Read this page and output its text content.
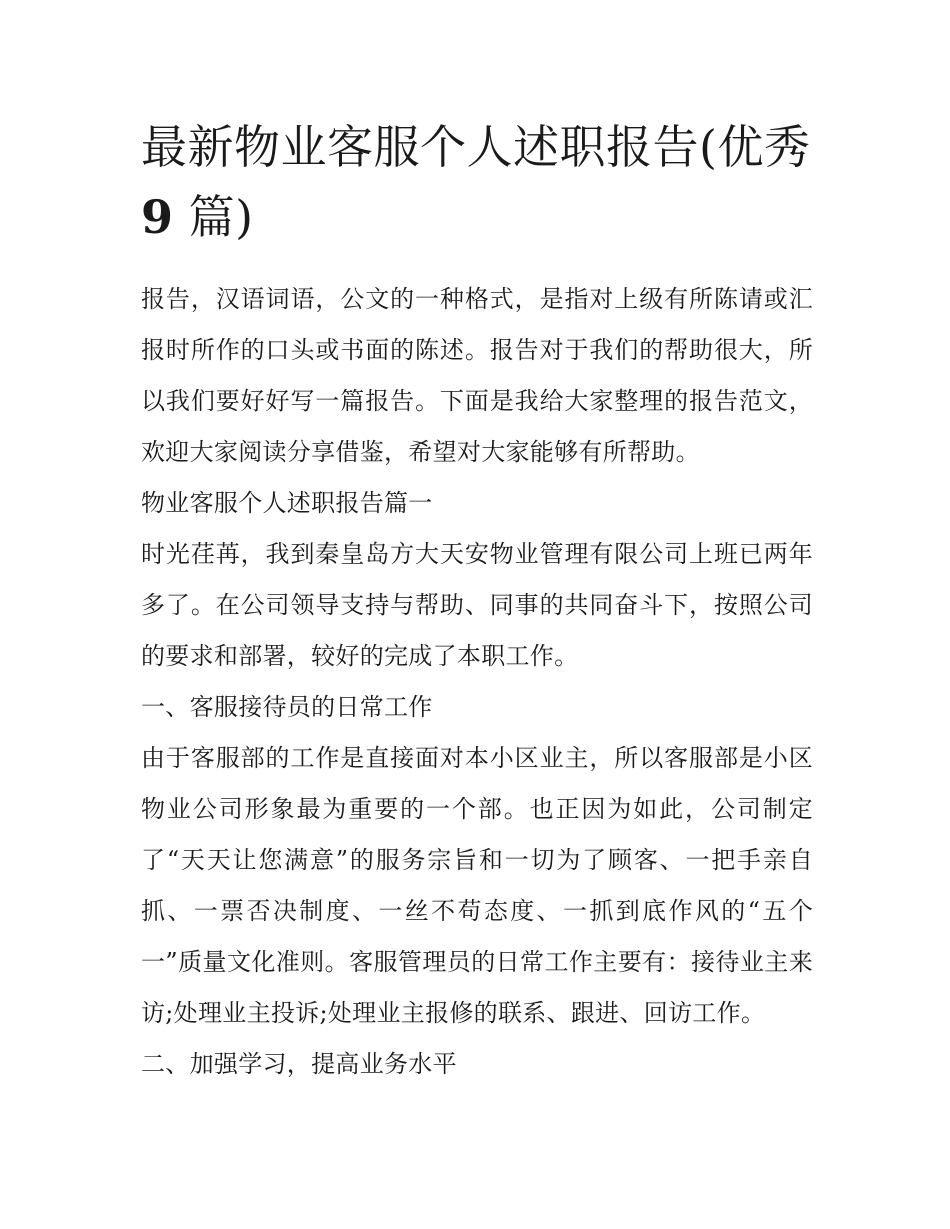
最新物业客服个人述职报告(优秀
9 篇)

报告，汉语词语，公文的一种格式，是指对上级有所陈请或汇报时所作的口头或书面的陈述。报告对于我们的帮助很大，所以我们要好好写一篇报告。下面是我给大家整理的报告范文，欢迎大家阅读分享借鉴，希望对大家能够有所帮助。

物业客服个人述职报告篇一

时光荏苒，我到秦皇岛方大天安物业管理有限公司上班已两年多了。在公司领导支持与帮助、同事的共同奋斗下，按照公司的要求和部署，较好的完成了本职工作。

一、客服接待员的日常工作

由于客服部的工作是直接面对本小区业主，所以客服部是小区物业公司形象最为重要的一个部。也正因为如此，公司制定了“天天让您满意”的服务宗旨和一切为了顾客、一把手亲自抓、一票否决制度、一丝不苟态度、一抓到底作风的“五个一”质量文化准则。客服管理员的日常工作主要有：接待业主来访;处理业主投诉;处理业主报修的联系、跟进、回访工作。

二、加强学习，提高业务水平
